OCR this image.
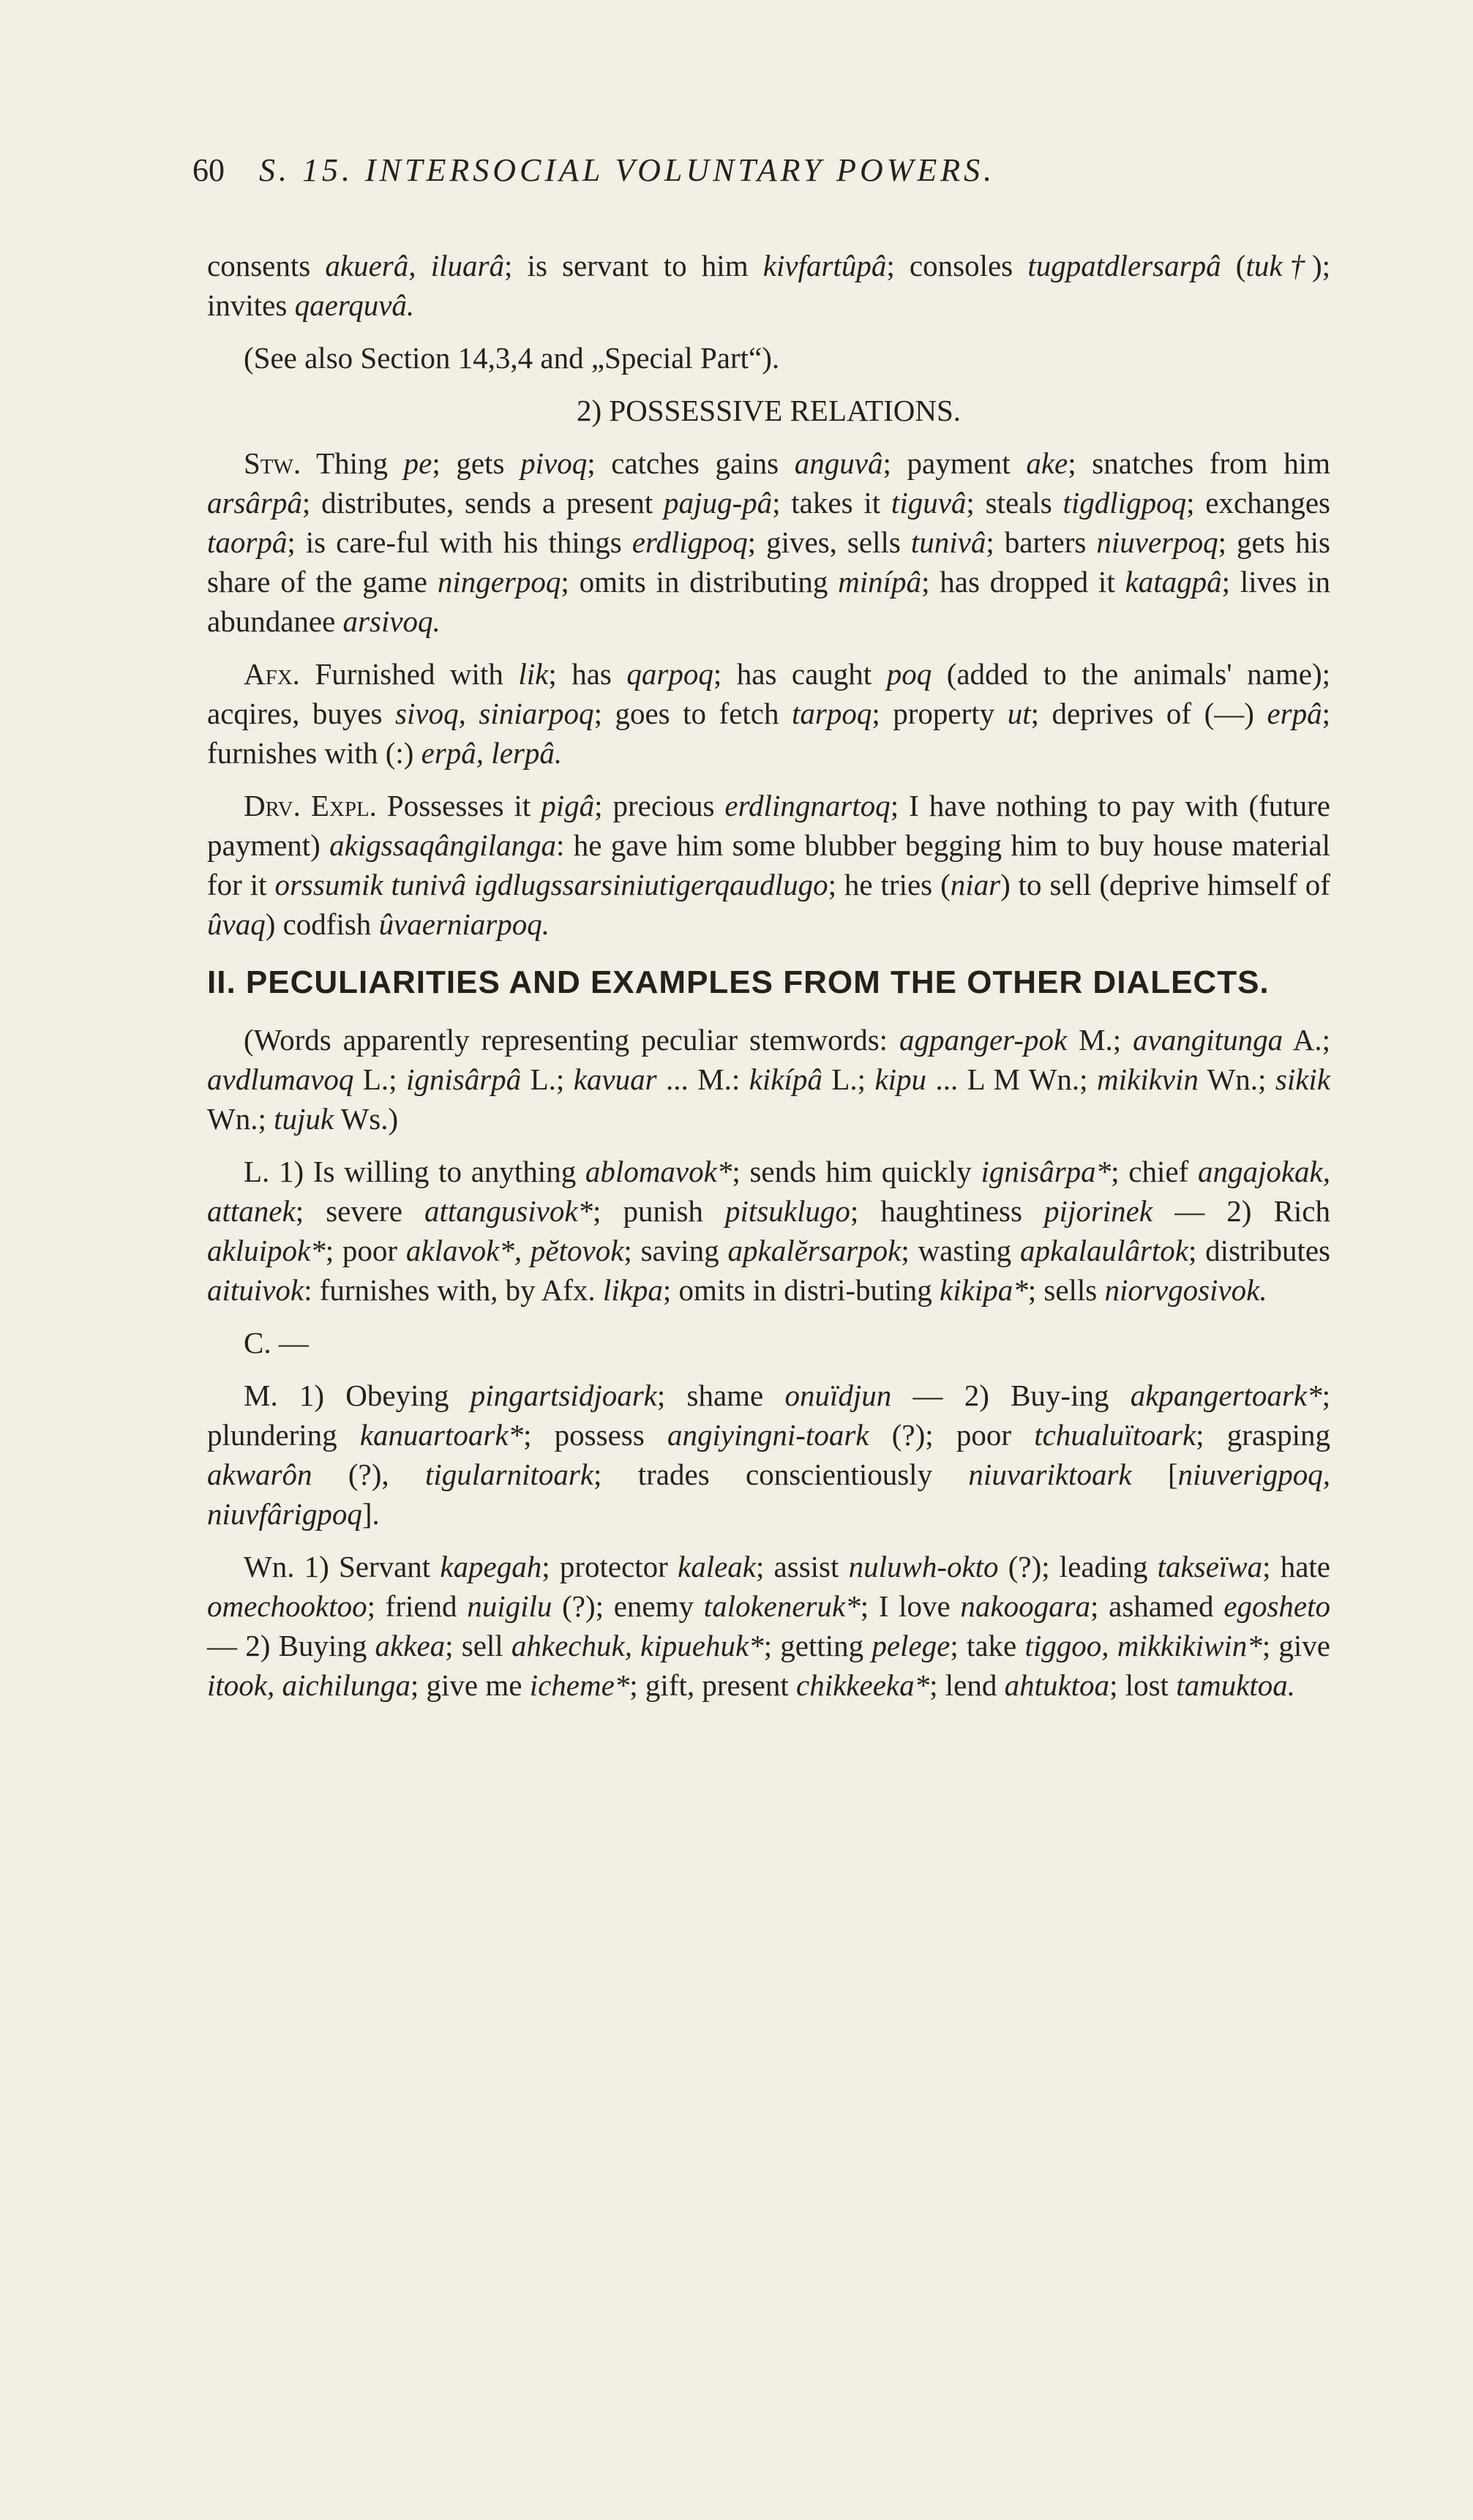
60 S. 15. INTERSOCIAL VOLUNTARY POWERS.

consents akuerâ, iluarâ; is servant to him kivfartûpâ; consoles tugpatdlersarpâ (tuk†); invites qaerquvâ.

(See also Section 14,3,4 and „Special Part“).

2) POSSESSIVE RELATIONS.

Stw. Thing pe; gets pivoq; catches gains anguvâ; payment ake; snatches from him arsârpâ; distributes, sends a present pajug-pâ; takes it tiguvâ; steals tigdligpoq; exchanges taorpâ; is care-ful with his things erdligpoq; gives, sells tunivâ; barters niuverpoq; gets his share of the game ningerpoq; omits in distributing minípâ; has dropped it katagpâ; lives in abundanee arsivoq.

Afx. Furnished with lik; has qarpoq; has caught poq (added to the animals' name); acqires, buyes sivoq, siniarpoq; goes to fetch tarpoq; property ut; deprives of (—) erpâ; furnishes with (:) erpâ, lerpâ.

Drv. Expl. Possesses it pigâ; precious erdlingnartoq; I have nothing to pay with (future payment) akigssaqângilanga: he gave him some blubber begging him to buy house material for it orssumik tunivâ igdlugssarsiniutigerqaudlugo; he tries (niar) to sell (deprive himself of ûvaq) codfish ûvaerniarpoq.

II. PECULIARITIES AND EXAMPLES FROM THE OTHER DIALECTS.

(Words apparently representing peculiar stemwords: agpanger-pok M.; avangitunga A.; avdlumavoq L.; ignisârpâ L.; kavuar ... M.: kikípâ L.; kipu ... L M Wn.; mikikvin Wn.; sikik Wn.; tujuk Ws.)

L. 1) Is willing to anything ablomavok*; sends him quickly ignisârpa*; chief angajokak, attanek; severe attangusivok*; punish pitsuklugo; haughtiness pijorinek — 2) Rich akluipok*; poor aklavok*, pĕtovok; saving apkalĕrsarpok; wasting apkalaulârtok; distributes aituivok: furnishes with, by Afx. likpa; omits in distri-buting kikipa*; sells niorvgosivok.

C. —

M. 1) Obeying pingartsidjoark; shame onuïdjun — 2) Buy-ing akpangertoark*; plundering kanuartoark*; possess angiyingni-toark (?); poor tchualuïtoark; grasping akwarôn (?), tigularnitoark; trades conscientiously niuvariktoark [niuverigpoq, niuvfârigpoq].

Wn. 1) Servant kapegah; protector kaleak; assist nuluwh-okto (?); leading takseïwa; hate omechooktoo; friend nuigilu (?); enemy talokeneruk*; I love nakoogara; ashamed egosheto — 2) Buying akkea; sell ahkechuk, kipuehuk*; getting pelege; take tiggoo, mikkikiwin*; give itook, aichilunga; give me icheme*; gift, present chikkeeka*; lend ahtuktoa; lost tamuktoa.
